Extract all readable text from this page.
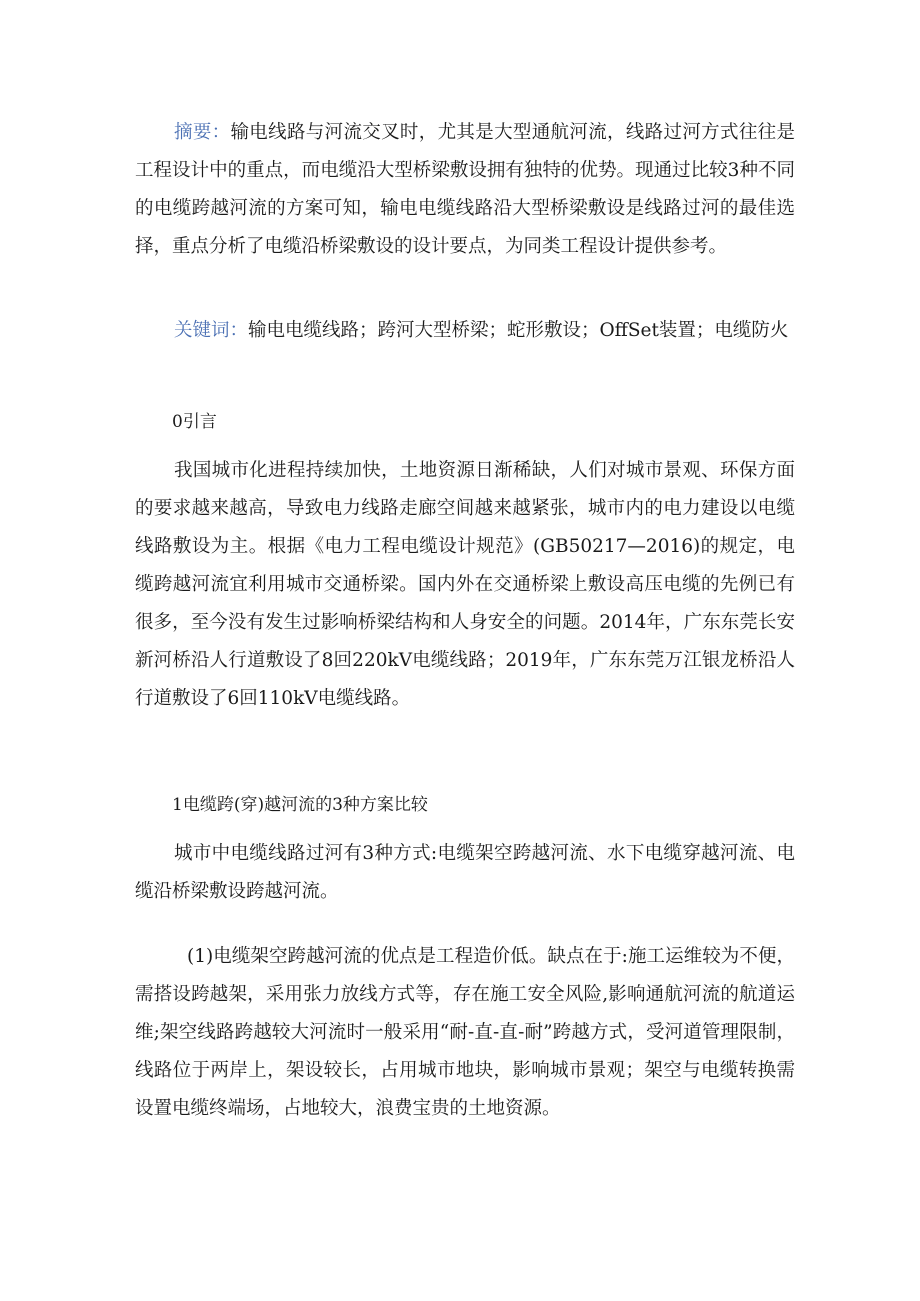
摘要：输电线路与河流交叉时，尤其是大型通航河流，线路过河方式往往是工程设计中的重点，而电缆沿大型桥梁敷设拥有独特的优势。现通过比较3种不同的电缆跨越河流的方案可知，输电电缆线路沿大型桥梁敷设是线路过河的最佳选择，重点分析了电缆沿桥梁敷设的设计要点，为同类工程设计提供参考。

关键词：输电电缆线路；跨河大型桥梁；蛇形敷设；OffSet装置；电缆防火

0引言

我国城市化进程持续加快，土地资源日渐稀缺，人们对城市景观、环保方面的要求越来越高，导致电力线路走廊空间越来越紧张，城市内的电力建设以电缆线路敷设为主。根据《电力工程电缆设计规范》(GB50217—2016)的规定，电缆跨越河流宜利用城市交通桥梁。国内外在交通桥梁上敷设高压电缆的先例已有很多，至今没有发生过影响桥梁结构和人身安全的问题。2014年，广东东莞长安新河桥沿人行道敷设了8回220kV电缆线路；2019年，广东东莞万江银龙桥沿人行道敷设了6回110kV电缆线路。

1电缆跨(穿)越河流的3种方案比较

城市中电缆线路过河有3种方式:电缆架空跨越河流、水下电缆穿越河流、电缆沿桥梁敷设跨越河流。

(1)电缆架空跨越河流的优点是工程造价低。缺点在于:施工运维较为不便，需搭设跨越架，采用张力放线方式等，存在施工安全风险,影响通航河流的航道运维;架空线路跨越较大河流时一般采用“耐-直-直-耐”跨越方式，受河道管理限制，线路位于两岸上，架设较长，占用城市地块，影响城市景观；架空与电缆转换需设置电缆终端场，占地较大，浪费宝贵的土地资源。
